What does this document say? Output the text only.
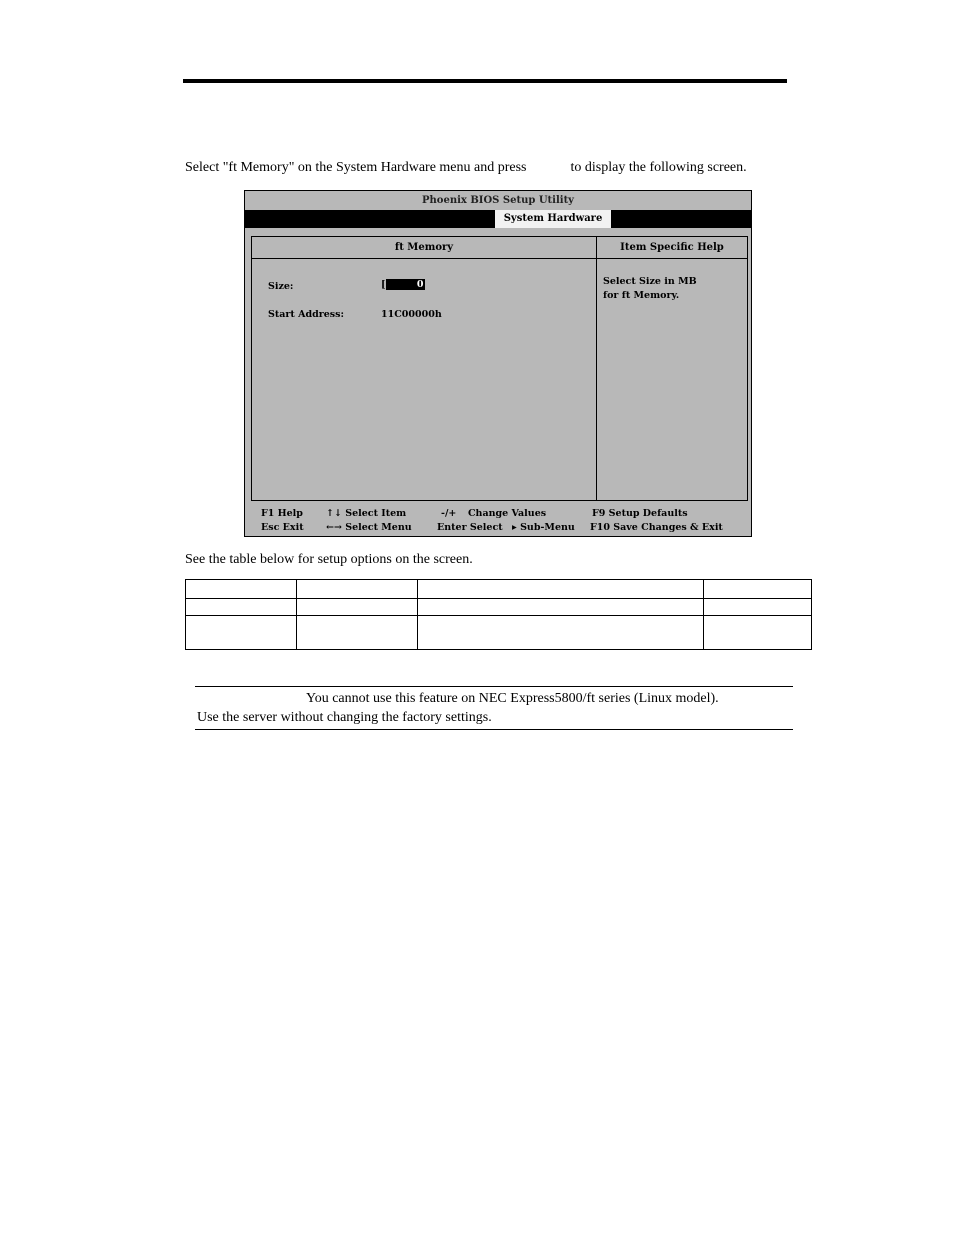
Select "ft Memory" on the System Hardware menu and press	to display the following screen.
Phoenix BIOS Setup Utility
System Hardware
ft Memory
Size:	[	0
Start Address:	11C00000h
Item Specific Help
Select Size in MB
for ft Memory.
F1 Help ↑↓ Select Item	-/+ Change Values	F9 Setup Defaults
Esc Exit ←→ Select Menu	Enter Select ▸ Sub-Menu F10 Save Changes & Exit
See the table below for setup options on the screen.

You cannot use this feature on NEC Express5800/ft series (Linux model).
Use the server without changing the factory settings.
